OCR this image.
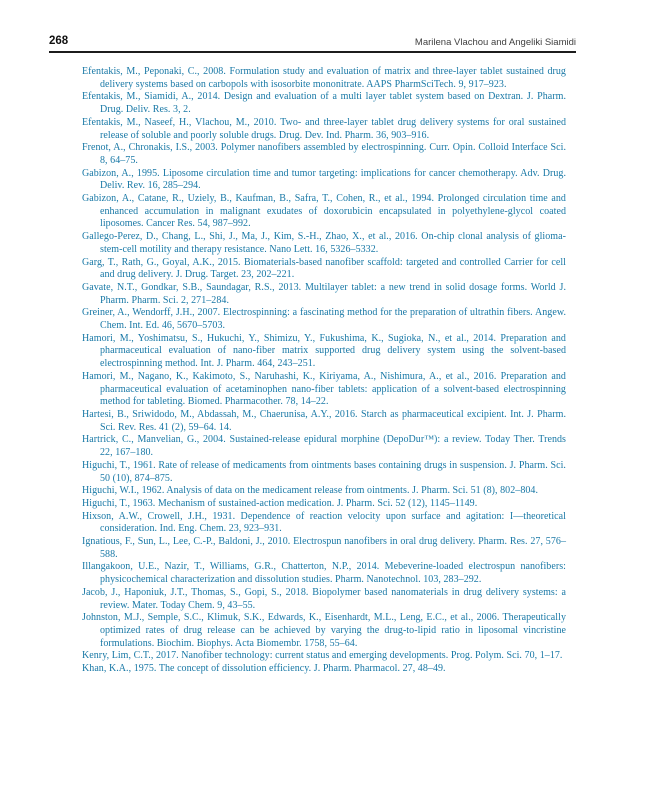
268	Marilena Vlachou and Angeliki Siamidi

Efentakis, M., Peponaki, C., 2008. Formulation study and evaluation of matrix and three-layer tablet sustained drug delivery systems based on carbopols with isosorbite mononitrate. AAPS PharmSciTech. 9, 917–923.

Efentakis, M., Siamidi, A., 2014. Design and evaluation of a multi layer tablet system based on Dextran. J. Pharm. Drug. Deliv. Res. 3, 2.

Efentakis, M., Naseef, H., Vlachou, M., 2010. Two- and three-layer tablet drug delivery systems for oral sustained release of soluble and poorly soluble drugs. Drug. Dev. Ind. Pharm. 36, 903–916.

Frenot, A., Chronakis, I.S., 2003. Polymer nanofibers assembled by electrospinning. Curr. Opin. Colloid Interface Sci. 8, 64–75.

Gabizon, A., 1995. Liposome circulation time and tumor targeting: implications for cancer chemotherapy. Adv. Drug. Deliv. Rev. 16, 285–294.

Gabizon, A., Catane, R., Uziely, B., Kaufman, B., Safra, T., Cohen, R., et al., 1994. Prolonged circulation time and enhanced accumulation in malignant exudates of doxorubicin encapsulated in polyethylene-glycol coated liposomes. Cancer Res. 54, 987–992.

Gallego-Perez, D., Chang, L., Shi, J., Ma, J., Kim, S.-H., Zhao, X., et al., 2016. On-chip clonal analysis of glioma-stem-cell motility and therapy resistance. Nano Lett. 16, 5326–5332.

Garg, T., Rath, G., Goyal, A.K., 2015. Biomaterials-based nanofiber scaffold: targeted and controlled Carrier for cell and drug delivery. J. Drug. Target. 23, 202–221.

Gavate, N.T., Gondkar, S.B., Saundagar, R.S., 2013. Multilayer tablet: a new trend in solid dosage forms. World J. Pharm. Pharm. Sci. 2, 271–284.

Greiner, A., Wendorff, J.H., 2007. Electrospinning: a fascinating method for the preparation of ultrathin fibers. Angew. Chem. Int. Ed. 46, 5670–5703.

Hamori, M., Yoshimatsu, S., Hukuchi, Y., Shimizu, Y., Fukushima, K., Sugioka, N., et al., 2014. Preparation and pharmaceutical evaluation of nano-fiber matrix supported drug delivery system using the solvent-based electrospinning method. Int. J. Pharm. 464, 243–251.

Hamori, M., Nagano, K., Kakimoto, S., Naruhashi, K., Kiriyama, A., Nishimura, A., et al., 2016. Preparation and pharmaceutical evaluation of acetaminophen nano-fiber tablets: application of a solvent-based electrospinning method for tableting. Biomed. Pharmacother. 78, 14–22.

Hartesi, B., Sriwidodo, M., Abdassah, M., Chaerunisa, A.Y., 2016. Starch as pharmaceutical excipient. Int. J. Pharm. Sci. Rev. Res. 41 (2), 59–64. 14.

Hartrick, C., Manvelian, G., 2004. Sustained-release epidural morphine (DepoDur™): a review. Today Ther. Trends 22, 167–180.

Higuchi, T., 1961. Rate of release of medicaments from ointments bases containing drugs in suspension. J. Pharm. Sci. 50 (10), 874–875.

Higuchi, W.I., 1962. Analysis of data on the medicament release from ointments. J. Pharm. Sci. 51 (8), 802–804.

Higuchi, T., 1963. Mechanism of sustained-action medication. J. Pharm. Sci. 52 (12), 1145–1149.

Hixson, A.W., Crowell, J.H., 1931. Dependence of reaction velocity upon surface and agitation: I—theoretical consideration. Ind. Eng. Chem. 23, 923–931.

Ignatious, F., Sun, L., Lee, C.-P., Baldoni, J., 2010. Electrospun nanofibers in oral drug delivery. Pharm. Res. 27, 576–588.

Illangakoon, U.E., Nazir, T., Williams, G.R., Chatterton, N.P., 2014. Mebeverine-loaded electrospun nanofibers: physicochemical characterization and dissolution studies. Pharm. Nanotechnol. 103, 283–292.

Jacob, J., Haponiuk, J.T., Thomas, S., Gopi, S., 2018. Biopolymer based nanomaterials in drug delivery systems: a review. Mater. Today Chem. 9, 43–55.

Johnston, M.J., Semple, S.C., Klimuk, S.K., Edwards, K., Eisenhardt, M.L., Leng, E.C., et al., 2006. Therapeutically optimized rates of drug release can be achieved by varying the drug-to-lipid ratio in liposomal vincristine formulations. Biochim. Biophys. Acta Biomembr. 1758, 55–64.

Kenry, Lim, C.T., 2017. Nanofiber technology: current status and emerging developments. Prog. Polym. Sci. 70, 1–17.

Khan, K.A., 1975. The concept of dissolution efficiency. J. Pharm. Pharmacol. 27, 48–49.
